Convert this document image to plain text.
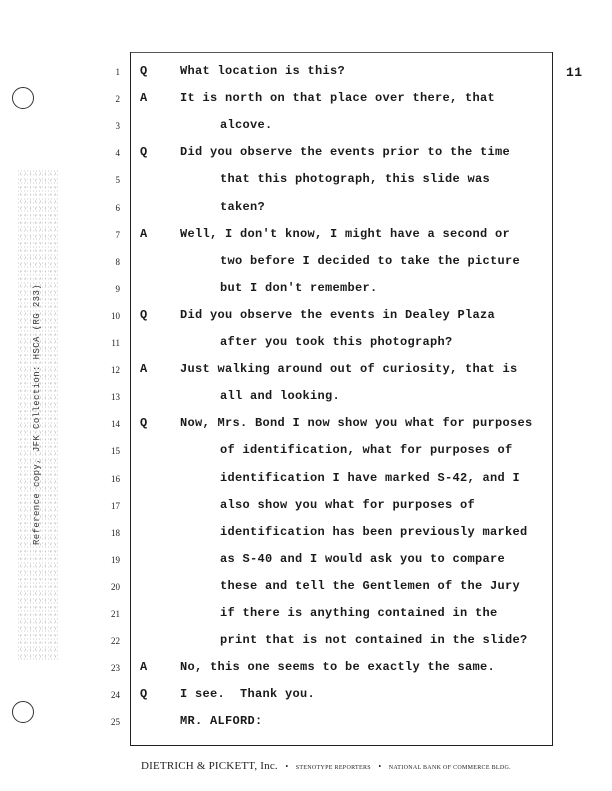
Reference copy, JFK Collection: HSCA (RG 233)
11
1 Q	What location is this?
2 A	It is north on that place over there, that
3	alcove.
4 Q	Did you observe the events prior to the time
5	that this photograph, this slide was
6	taken?
7 A	Well, I don't know, I might have a second or
8	two before I decided to take the picture
9	but I don't remember.
10 Q	Did you observe the events in Dealey Plaza
11	after you took this photograph?
12 A	Just walking around out of curiosity, that is
13	all and looking.
14 Q	Now, Mrs. Bond I now show you what for purposes
15	of identification, what for purposes of
16	identification I have marked S-42, and I
17	also show you what for purposes of
18	identification has been previously marked
19	as S-40 and I would ask you to compare
20	these and tell the Gentlemen of the Jury
21	if there is anything contained in the
22	print that is not contained in the slide?
23 A	No, this one seems to be exactly the same.
24 Q	I see.  Thank you.
25	MR. ALFORD:
DIETRICH & PICKETT, Inc. • STENOTYPE REPORTERS • NATIONAL BANK OF COMMERCE BLDG.
